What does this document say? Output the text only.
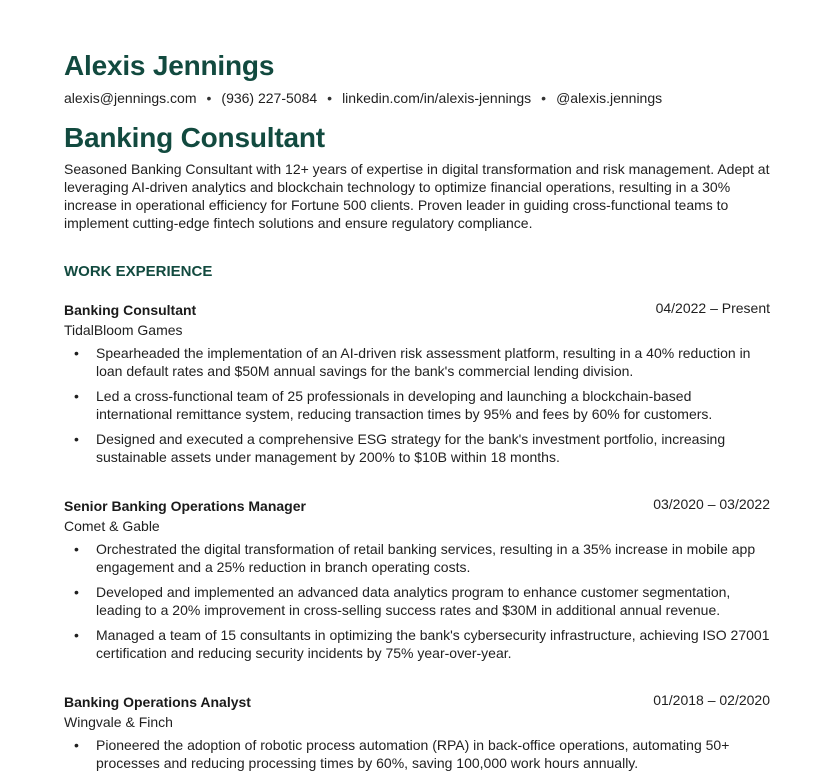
Alexis Jennings
alexis@jennings.com • (936) 227-5084 • linkedin.com/in/alexis-jennings • @alexis.jennings
Banking Consultant
Seasoned Banking Consultant with 12+ years of expertise in digital transformation and risk management. Adept at leveraging AI-driven analytics and blockchain technology to optimize financial operations, resulting in a 30% increase in operational efficiency for Fortune 500 clients. Proven leader in guiding cross-functional teams to implement cutting-edge fintech solutions and ensure regulatory compliance.
WORK EXPERIENCE
Banking Consultant	04/2022 – Present
TidalBloom Games
• Spearheaded the implementation of an AI-driven risk assessment platform, resulting in a 40% reduction in loan default rates and $50M annual savings for the bank's commercial lending division.
• Led a cross-functional team of 25 professionals in developing and launching a blockchain-based international remittance system, reducing transaction times by 95% and fees by 60% for customers.
• Designed and executed a comprehensive ESG strategy for the bank's investment portfolio, increasing sustainable assets under management by 200% to $10B within 18 months.
Senior Banking Operations Manager	03/2020 – 03/2022
Comet & Gable
• Orchestrated the digital transformation of retail banking services, resulting in a 35% increase in mobile app engagement and a 25% reduction in branch operating costs.
• Developed and implemented an advanced data analytics program to enhance customer segmentation, leading to a 20% improvement in cross-selling success rates and $30M in additional annual revenue.
• Managed a team of 15 consultants in optimizing the bank's cybersecurity infrastructure, achieving ISO 27001 certification and reducing security incidents by 75% year-over-year.
Banking Operations Analyst	01/2018 – 02/2020
Wingvale & Finch
• Pioneered the adoption of robotic process automation (RPA) in back-office operations, automating 50+ processes and reducing processing times by 60%, saving 100,000 work hours annually.
